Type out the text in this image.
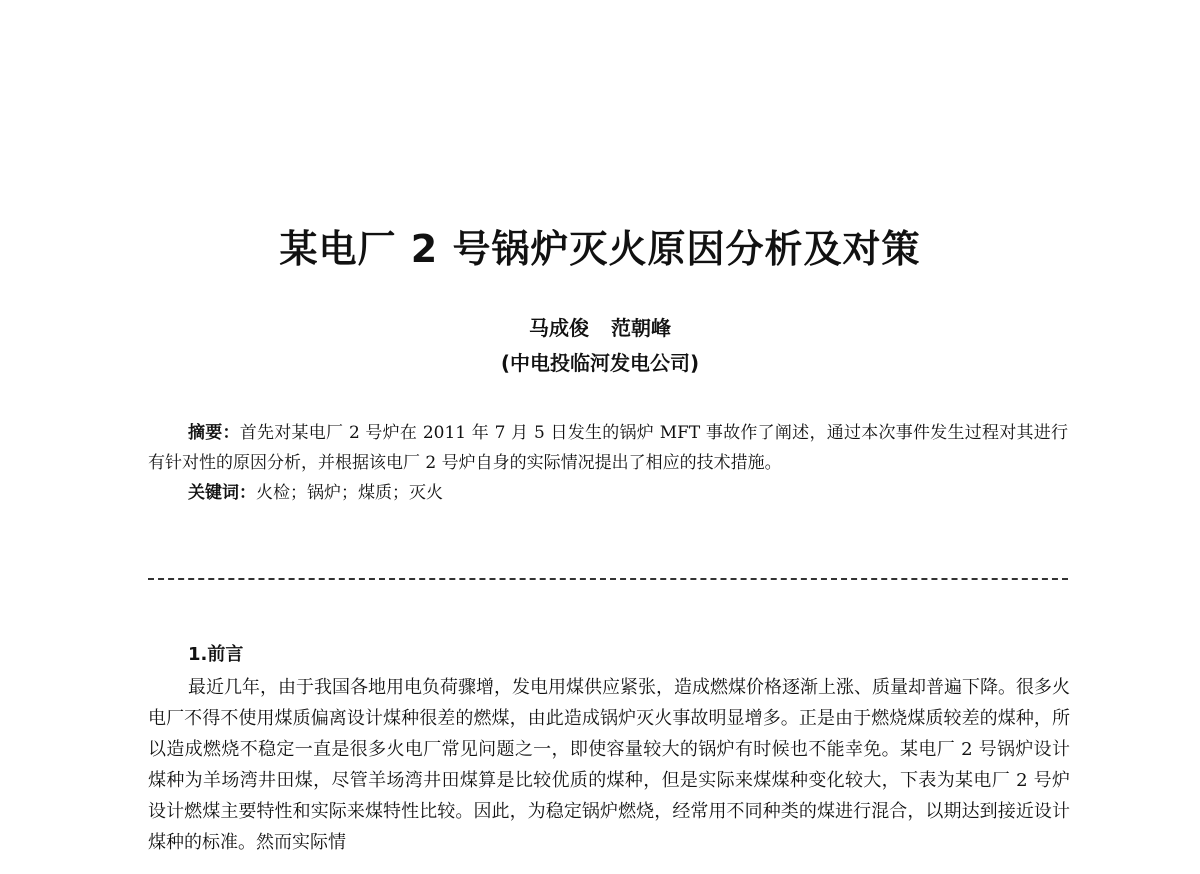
某电厂 2 号锅炉灭火原因分析及对策
马成俊 范朝峰
(中电投临河发电公司)
摘要：首先对某电厂 2 号炉在 2011 年 7 月 5 日发生的锅炉 MFT 事故作了阐述，通过本次事件发生过程对其进行有针对性的原因分析，并根据该电厂 2 号炉自身的实际情况提出了相应的技术措施。
关键词：火检；锅炉；煤质；灭火
1.前言
最近几年，由于我国各地用电负荷骤增，发电用煤供应紧张，造成燃煤价格逐渐上涨、质量却普遍下降。很多火电厂不得不使用煤质偏离设计煤种很差的燃煤，由此造成锅炉灭火事故明显增多。正是由于燃烧煤质较差的煤种，所以造成燃烧不稳定一直是很多火电厂常见问题之一，即使容量较大的锅炉有时候也不能幸免。某电厂 2 号锅炉设计煤种为羊场湾井田煤，尽管羊场湾井田煤算是比较优质的煤种，但是实际来煤煤种变化较大，下表为某电厂 2 号炉设计燃煤主要特性和实际来煤特性比较。因此，为稳定锅炉燃烧，经常用不同种类的煤进行混合，以期达到接近设计煤种的标准。然而实际情
